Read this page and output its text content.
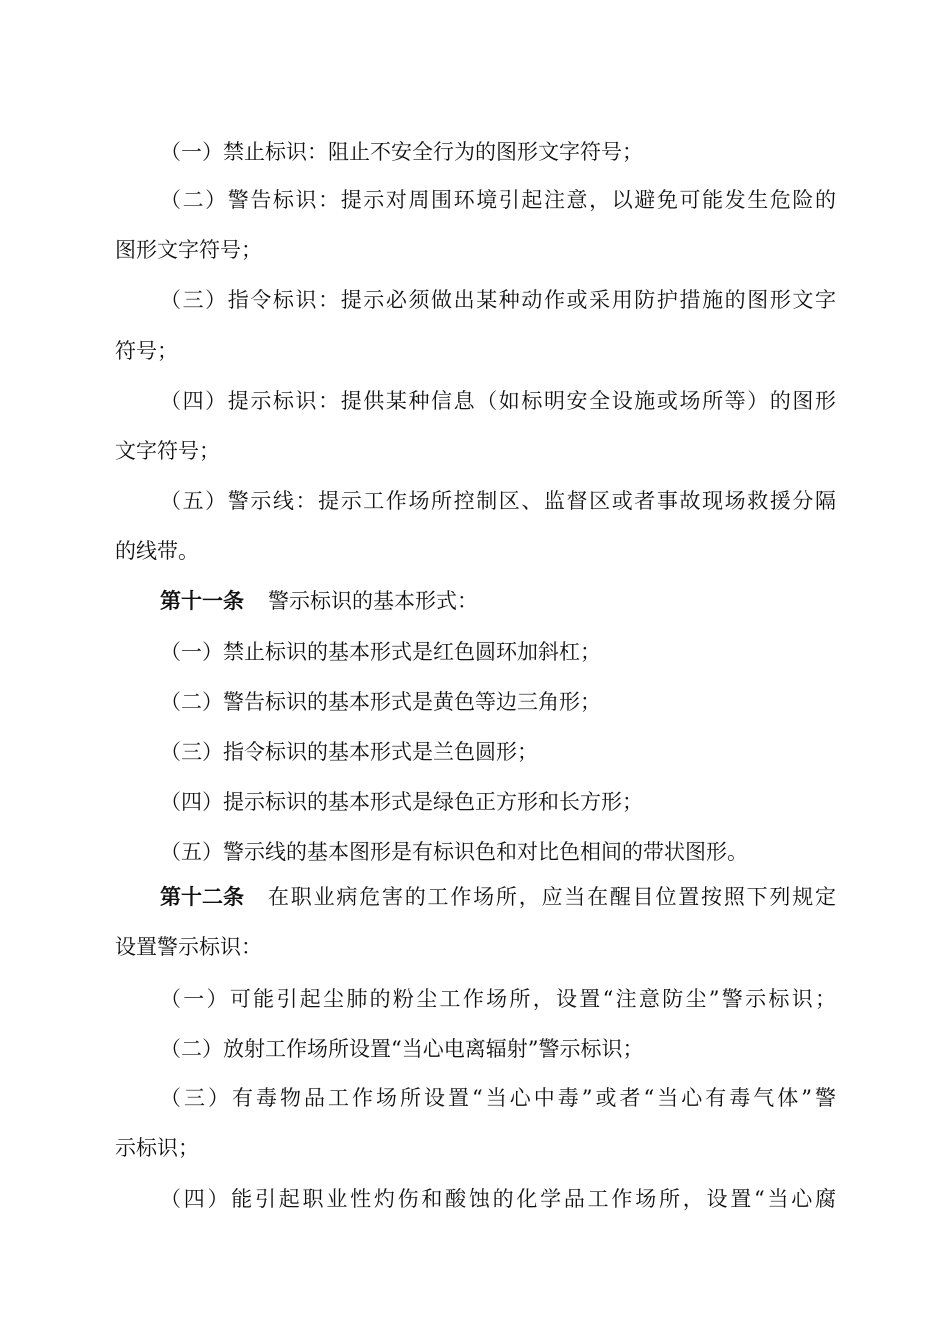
（一）禁止标识：阻止不安全行为的图形文字符号；
（二）警告标识：提示对周围环境引起注意，以避免可能发生危险的
图形文字符号；
（三）指令标识：提示必须做出某种动作或采用防护措施的图形文字
符号；
（四）提示标识：提供某种信息（如标明安全设施或场所等）的图形
文字符号；
（五）警示线：提示工作场所控制区、监督区或者事故现场救援分隔
的线带。
第十一条 警示标识的基本形式：
（一）禁止标识的基本形式是红色圆环加斜杠；
（二）警告标识的基本形式是黄色等边三角形；
（三）指令标识的基本形式是兰色圆形；
（四）提示标识的基本形式是绿色正方形和长方形；
（五）警示线的基本图形是有标识色和对比色相间的带状图形。
第十二条 在职业病危害的工作场所，应当在醒目位置按照下列规定
设置警示标识：
（一）可能引起尘肺的粉尘工作场所，设置“注意防尘”警示标识；
（二）放射工作场所设置“当心电离辐射”警示标识；
（三）有毒物品工作场所设置“当心中毒”或者“当心有毒气体”警
示标识；
（四）能引起职业性灼伤和酸蚀的化学品工作场所，设置“当心腐
